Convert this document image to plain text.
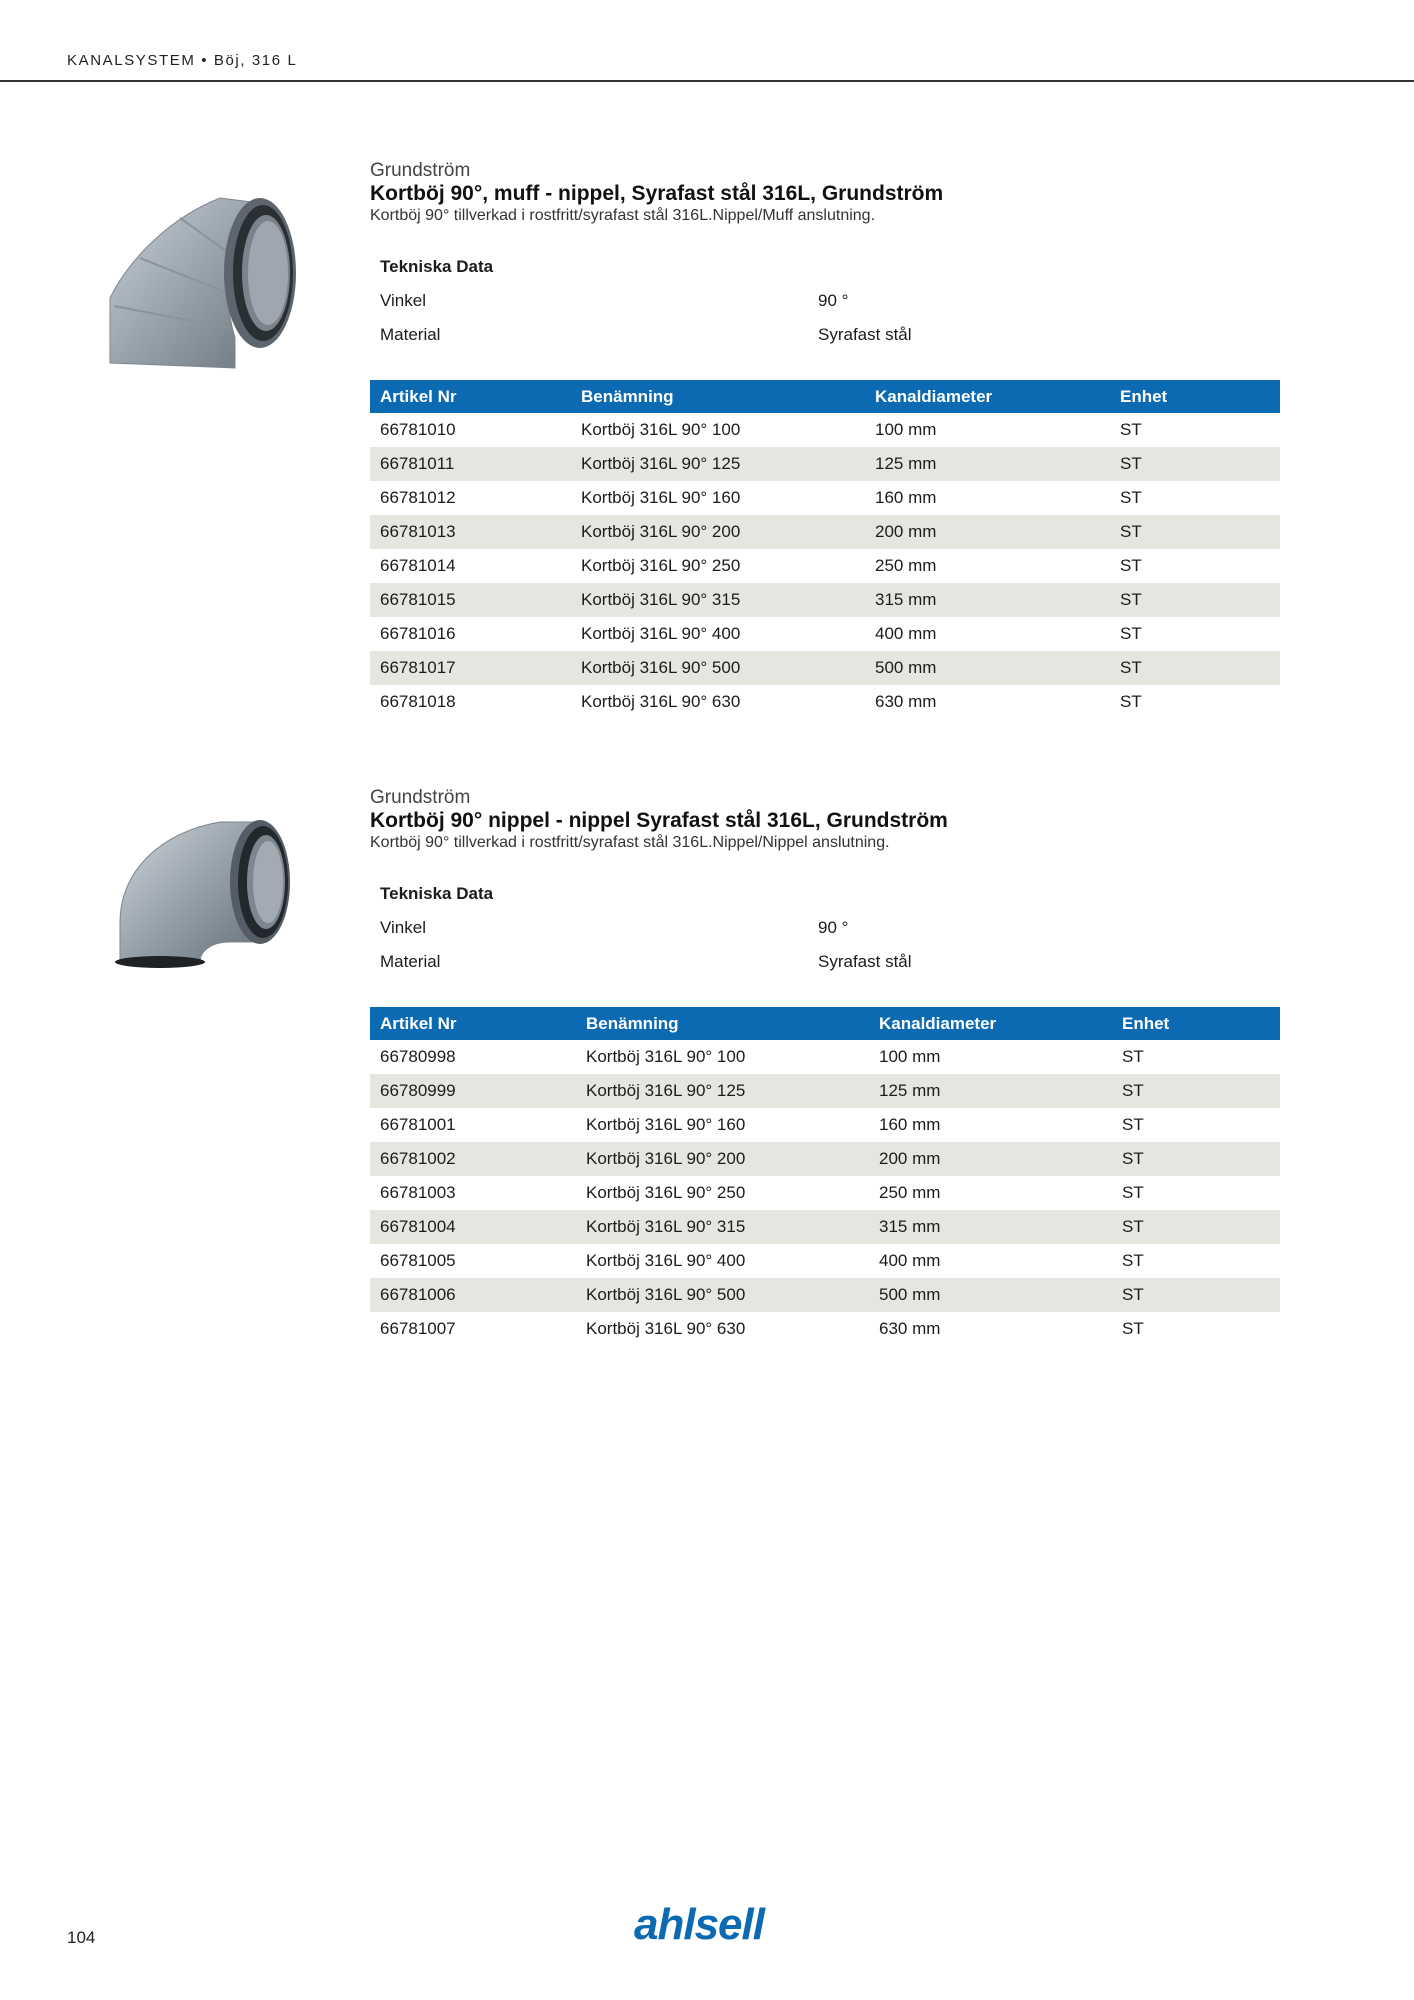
KANALSYSTEM • Böj, 316 L
Grundström
Kortböj 90°, muff - nippel, Syrafast stål 316L, Grundström
Kortböj 90° tillverkad i rostfritt/syrafast stål 316L.Nippel/Muff anslutning.
Tekniska Data
Vinkel	90 °
Material	Syrafast stål
Artikel Nr	Benämning	Kanaldiameter	Enhet
66781010	Kortböj 316L 90° 100	100 mm	ST
66781011	Kortböj 316L 90° 125	125 mm	ST
66781012	Kortböj 316L 90° 160	160 mm	ST
66781013	Kortböj 316L 90° 200	200 mm	ST
66781014	Kortböj 316L 90° 250	250 mm	ST
66781015	Kortböj 316L 90° 315	315 mm	ST
66781016	Kortböj 316L 90° 400	400 mm	ST
66781017	Kortböj 316L 90° 500	500 mm	ST
66781018	Kortböj 316L 90° 630	630 mm	ST
Grundström
Kortböj 90° nippel - nippel Syrafast stål 316L, Grundström
Kortböj 90° tillverkad i rostfritt/syrafast stål 316L.Nippel/Nippel anslutning.
Tekniska Data
Vinkel	90 °
Material	Syrafast stål
Artikel Nr	Benämning	Kanaldiameter	Enhet
66780998	Kortböj 316L 90° 100	100 mm	ST
66780999	Kortböj 316L 90° 125	125 mm	ST
66781001	Kortböj 316L 90° 160	160 mm	ST
66781002	Kortböj 316L 90° 200	200 mm	ST
66781003	Kortböj 316L 90° 250	250 mm	ST
66781004	Kortböj 316L 90° 315	315 mm	ST
66781005	Kortböj 316L 90° 400	400 mm	ST
66781006	Kortböj 316L 90° 500	500 mm	ST
66781007	Kortböj 316L 90° 630	630 mm	ST
104	ahlsell
